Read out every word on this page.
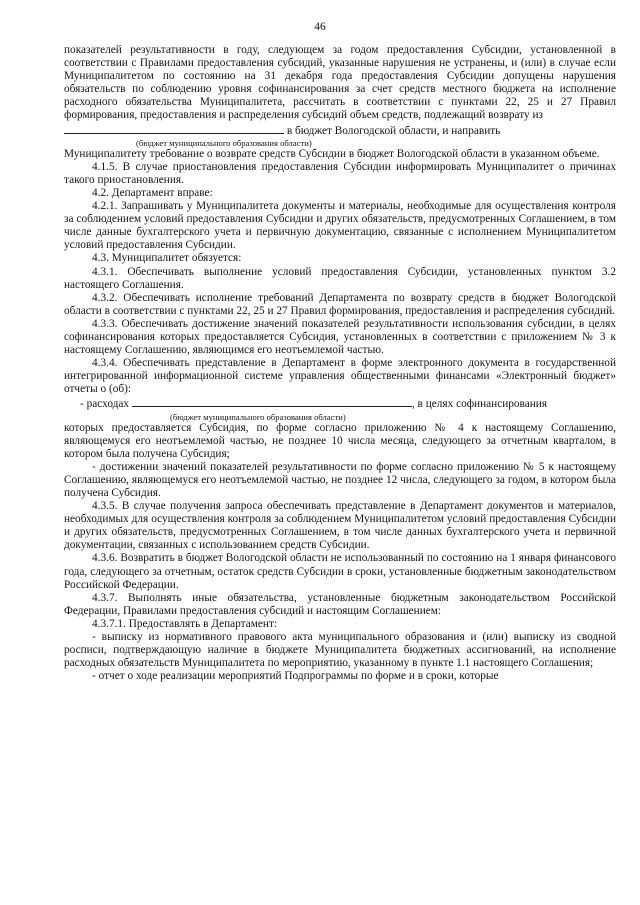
46

показателей результативности в году, следующем за годом предоставления Субсидии, установленной в соответствии с Правилами предоставления субсидий, указанные нарушения не устранены, и (или) в случае если Муниципалитетом по состоянию на 31 декабря года предоставления Субсидии допущены нарушения обязательств по соблюдению уровня софинансирования за счет средств местного бюджета на исполнение расходного обязательства Муниципалитета, рассчитать в соответствии с пунктами 22, 25 и 27 Правил формирования, предоставления и распределения субсидий объем средств, подлежащий возврату из

в бюджет Вологодской области, и направить

(бюджет муниципального образования области)

Муниципалитету требование о возврате средств Субсидии в бюджет Вологодской области в указанном объеме.

4.1.5. В случае приостановления предоставления Субсидии информировать Муниципалитет о причинах такого приостановления.

4.2. Департамент вправе:

4.2.1. Запрашивать у Муниципалитета документы и материалы, необходимые для осуществления контроля за соблюдением условий предоставления Субсидии и других обязательств, предусмотренных Соглашением, в том числе данные бухгалтерского учета и первичную документацию, связанные с исполнением Муниципалитетом условий предоставления Субсидии.

4.3. Муниципалитет обязуется:

4.3.1. Обеспечивать выполнение условий предоставления Субсидии, установленных пунктом 3.2 настоящего Соглашения.

4.3.2. Обеспечивать исполнение требований Департамента по возврату средств в бюджет Вологодской области в соответствии с пунктами 22, 25 и 27 Правил формирования, предоставления и распределения субсидий.

4.3.3. Обеспечивать достижение значений показателей результативности использования субсидии, в целях софинансирования которых предоставляется Субсидия, установленных в соответствии с приложением № 3 к настоящему Соглашению, являющимся его неотъемлемой частью.

4.3.4. Обеспечивать представление в Департамент в форме электронного документа в государственной интегрированной информационной системе управления общественными финансами «Электронный бюджет» отчеты о (об):

- расходах	, в целях софинансирования

(бюджет муниципального образования области)

которых предоставляется Субсидия, по форме согласно приложению № 4 к настоящему Соглашению, являющемуся его неотъемлемой частью, не позднее 10 числа месяца, следующего за отчетным кварталом, в котором была получена Субсидия;

- достижении значений показателей результативности по форме согласно приложению № 5 к настоящему Соглашению, являющемуся его неотъемлемой частью, не позднее 12 числа, следующего за годом, в котором была получена Субсидия.

4.3.5. В случае получения запроса обеспечивать представление в Департамент документов и материалов, необходимых для осуществления контроля за соблюдением Муниципалитетом условий предоставления Субсидии и других обязательств, предусмотренных Соглашением, в том числе данных бухгалтерского учета и первичной документации, связанных с использованием средств Субсидии.

4.3.6. Возвратить в бюджет Вологодской области не использованный по состоянию на 1 января финансового года, следующего за отчетным, остаток средств Субсидии в сроки, установленные бюджетным законодательством Российской Федерации.

4.3.7. Выполнять иные обязательства, установленные бюджетным законодательством Российской Федерации, Правилами предоставления субсидий и настоящим Соглашением:

4.3.7.1. Предоставлять в Департамент:

- выписку из нормативного правового акта муниципального образования и (или) выписку из сводной росписи, подтверждающую наличие в бюджете Муниципалитета бюджетных ассигнований, на исполнение расходных обязательств Муниципалитета по мероприятию, указанному в пункте 1.1 настоящего Соглашения;

- отчет о ходе реализации мероприятий Подпрограммы по форме и в сроки, которые
